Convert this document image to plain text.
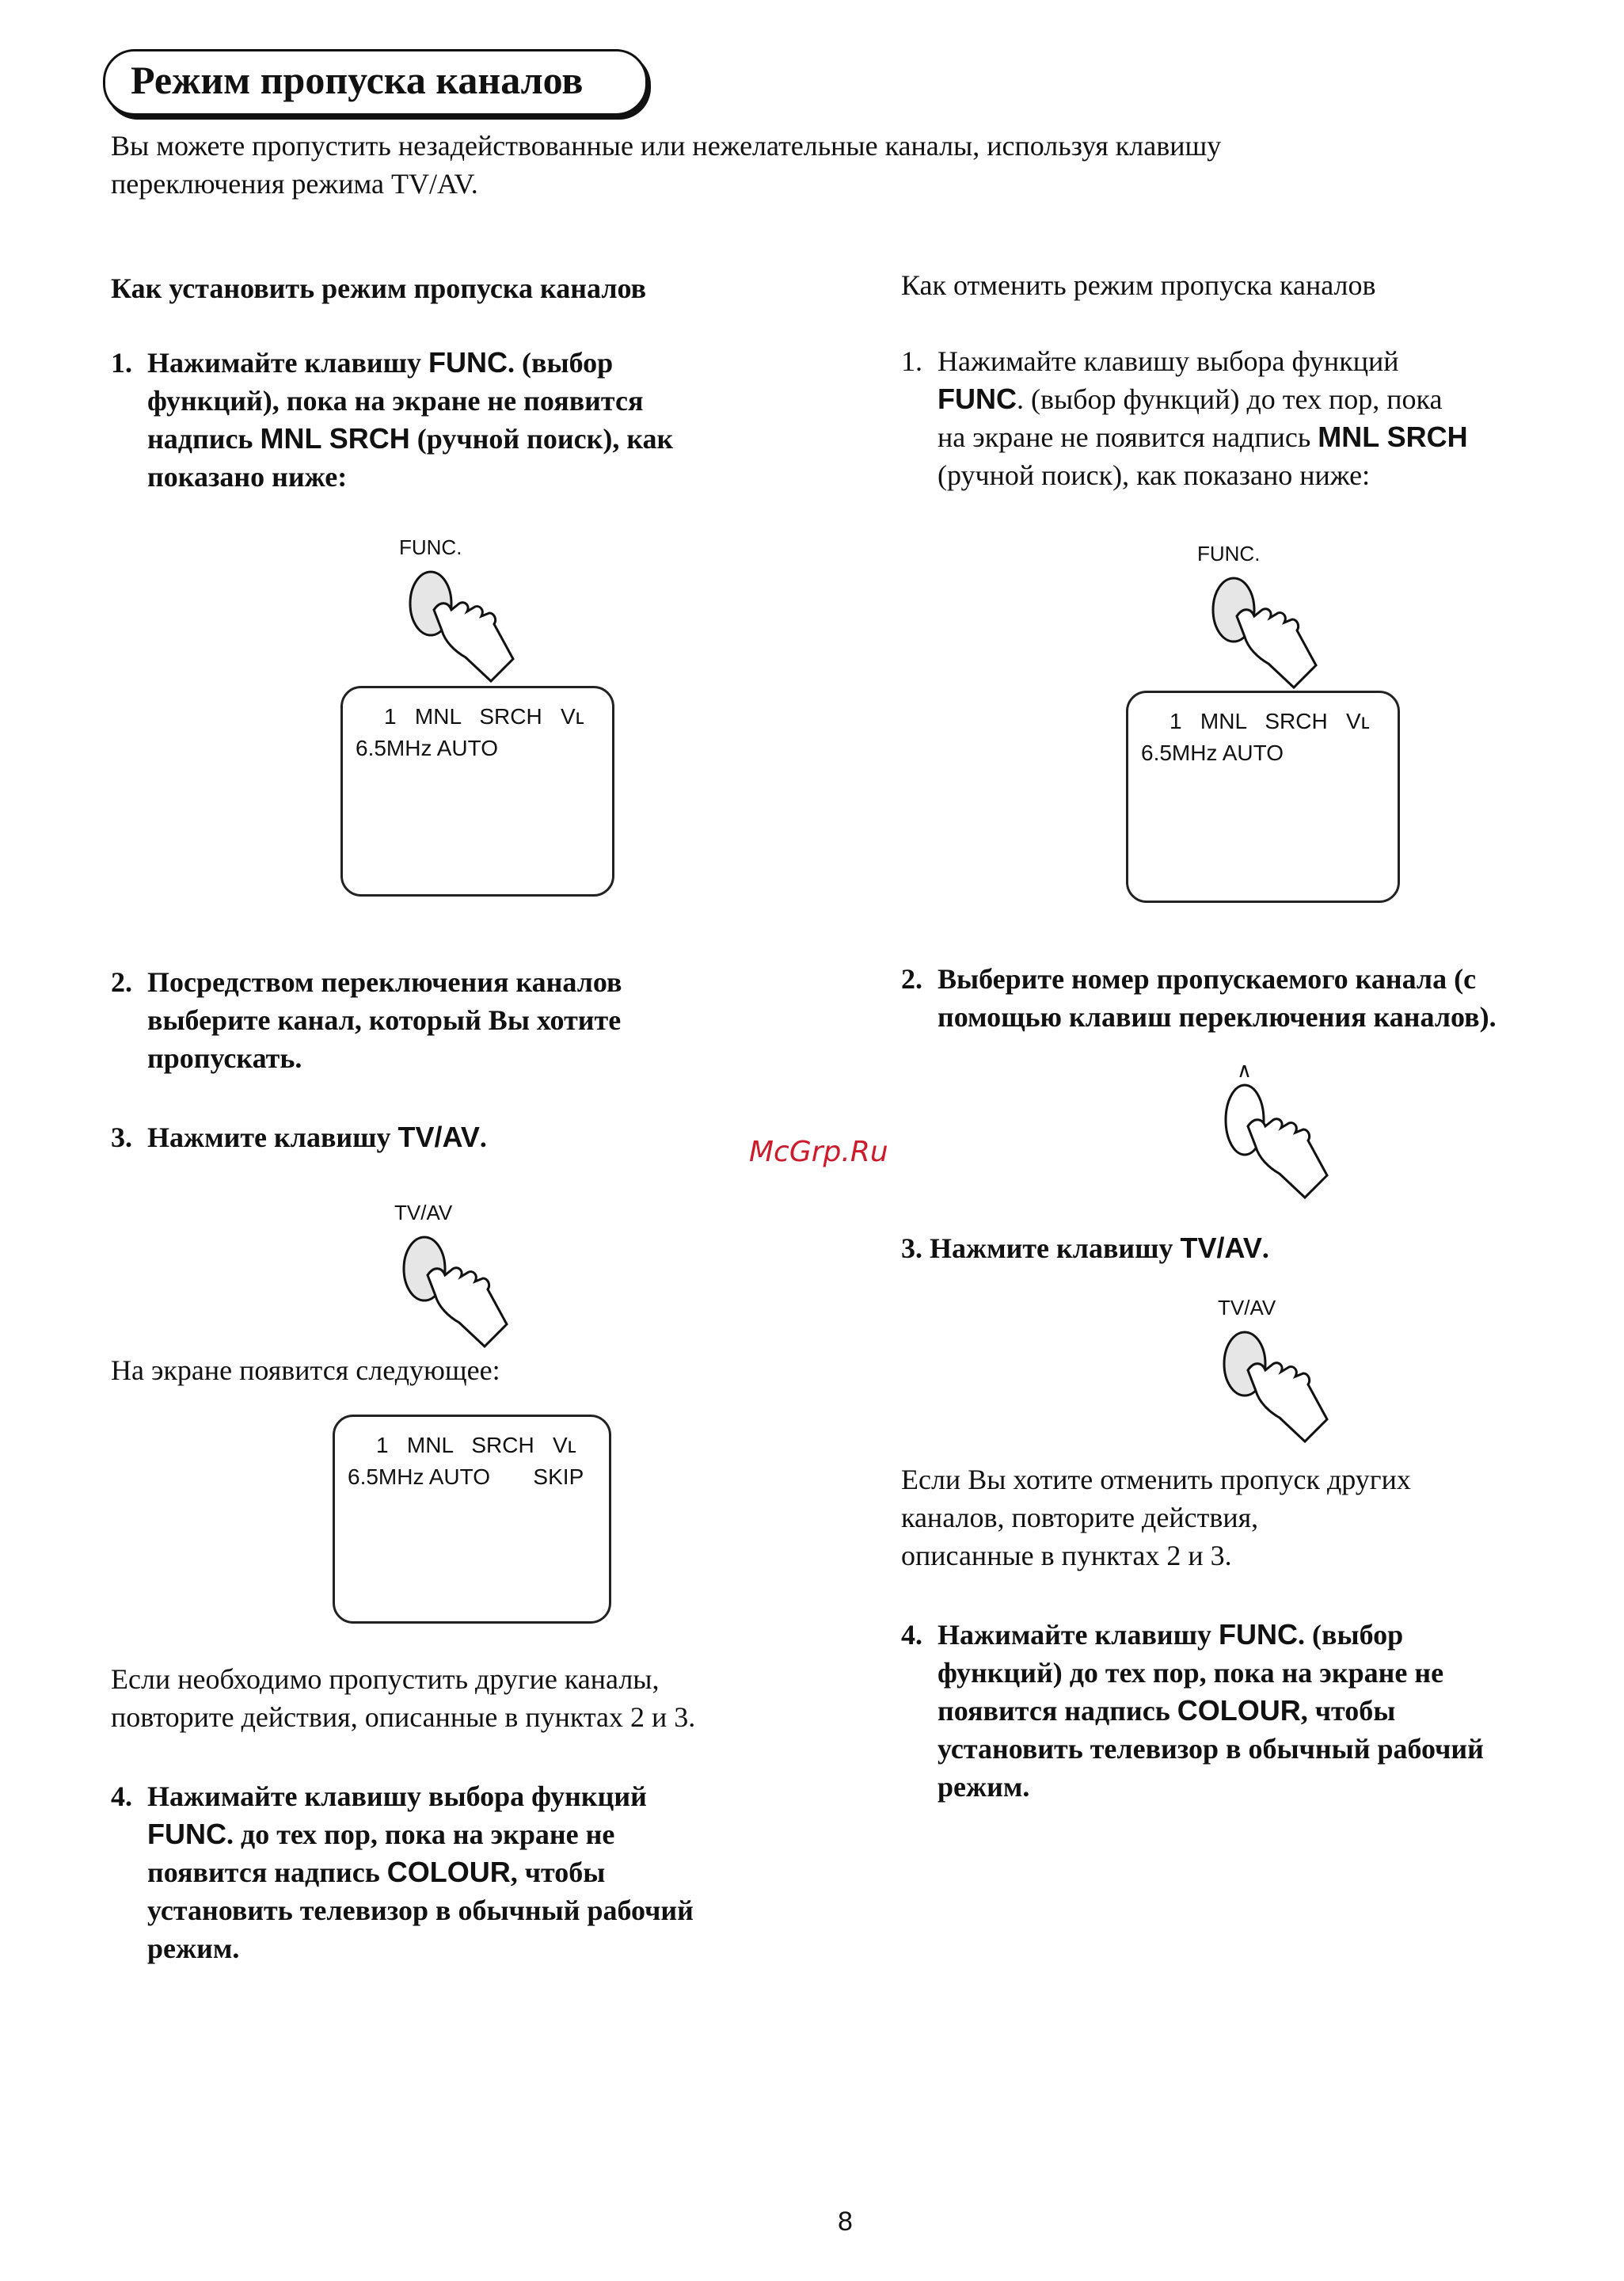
Режим пропуска каналов
Вы можете пропустить незадействованные или нежелательные каналы, используя клавишу
переключения режима TV/AV.
Как установить режим пропуска каналов
1. Нажимайте клавишу FUNC. (выбор
функций), пока на экране не появится
надпись MNL SRCH (ручной поиск), как
показано ниже:
FUNC.
1   MNL   SRCH   Vʟ
6.5MHz AUTO
2. Посредством переключения каналов
выберите канал, который Вы хотите
пропускать.
3. Нажмите клавишу TV/AV.
TV/AV
На экране появится следующее:
1   MNL   SRCH   Vʟ
6.5MHz AUTO       SKIP
Если необходимо пропустить другие каналы,
повторите действия, описанные в пунктах 2 и 3.
4. Нажимайте клавишу выбора функций
FUNC. до тех пор, пока на экране не
появится надпись COLOUR, чтобы
установить телевизор в обычный рабочий
режим.
Как отменить режим пропуска каналов
1. Нажимайте клавишу выбора функций
FUNC. (выбор функций) до тех пор, пока
на экране не появится надпись MNL SRCH
(ручной поиск), как показано ниже:
FUNC.
1   MNL   SRCH   Vʟ
6.5MHz AUTO
2. Выберите номер пропускаемого канала (с
помощью клавиш переключения каналов).
∧
3. Нажмите клавишу TV/AV.
TV/AV
Если Вы хотите отменить пропуск других
каналов, повторите действия,
описанные в пунктах 2 и 3.
4. Нажимайте клавишу FUNC. (выбор
функций) до тех пор, пока на экране не
появится надпись COLOUR, чтобы
установить телевизор в обычный рабочий
режим.
McGrp.Ru
8
